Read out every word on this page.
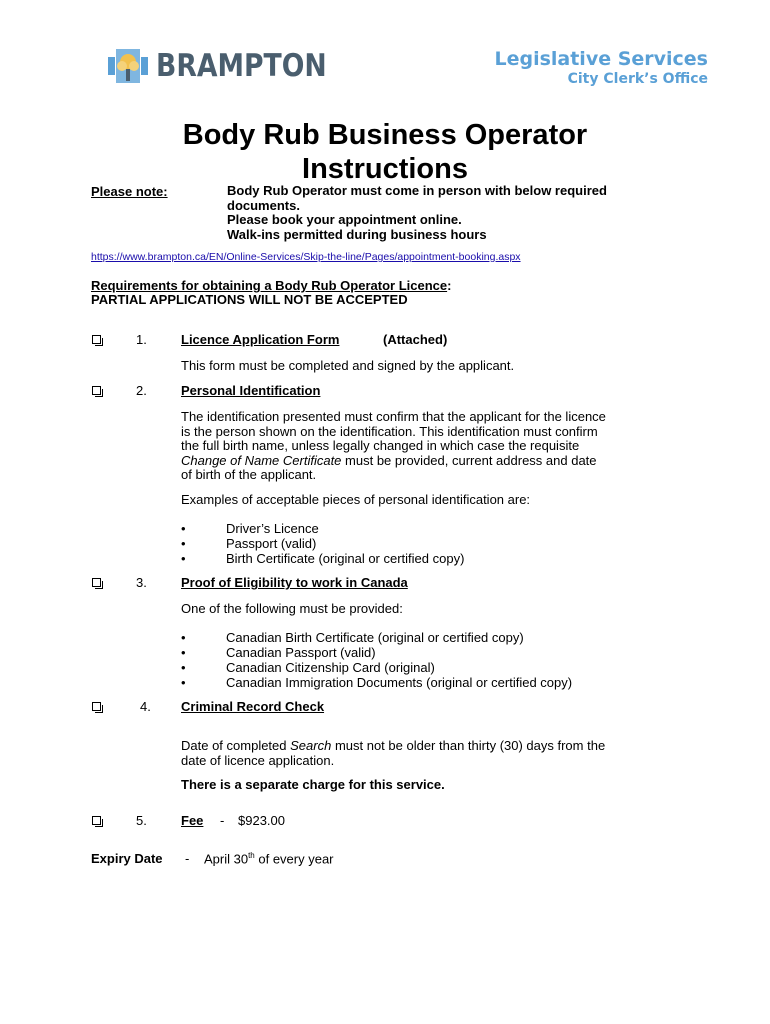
BRAMPTON	Legislative Services
City Clerk’s Office
Body Rub Business Operator
Instructions
Please note:	Body Rub Operator must come in person with below required
documents.
Please book your appointment online.
Walk-ins permitted during business hours
https://www.brampton.ca/EN/Online-Services/Skip-the-line/Pages/appointment-booking.aspx
Requirements for obtaining a Body Rub Operator Licence:
PARTIAL APPLICATIONS WILL NOT BE ACCEPTED
1.	Licence Application Form	(Attached)
This form must be completed and signed by the applicant.
2.	Personal Identification
The identification presented must confirm that the applicant for the licence
is the person shown on the identification. This identification must confirm
the full birth name, unless legally changed in which case the requisite
Change of Name Certificate must be provided, current address and date
of birth of the applicant.
Examples of acceptable pieces of personal identification are:
•	Driver’s Licence
•	Passport (valid)
•	Birth Certificate (original or certified copy)
3.	Proof of Eligibility to work in Canada
One of the following must be provided:
•	Canadian Birth Certificate (original or certified copy)
•	Canadian Passport (valid)
•	Canadian Citizenship Card (original)
•	Canadian Immigration Documents (original or certified copy)
4. Criminal Record Check
Date of completed Search must not be older than thirty (30) days from the
date of licence application.
There is a separate charge for this service.
5.	Fee - $923.00
Expiry Date - April 30th of every year
